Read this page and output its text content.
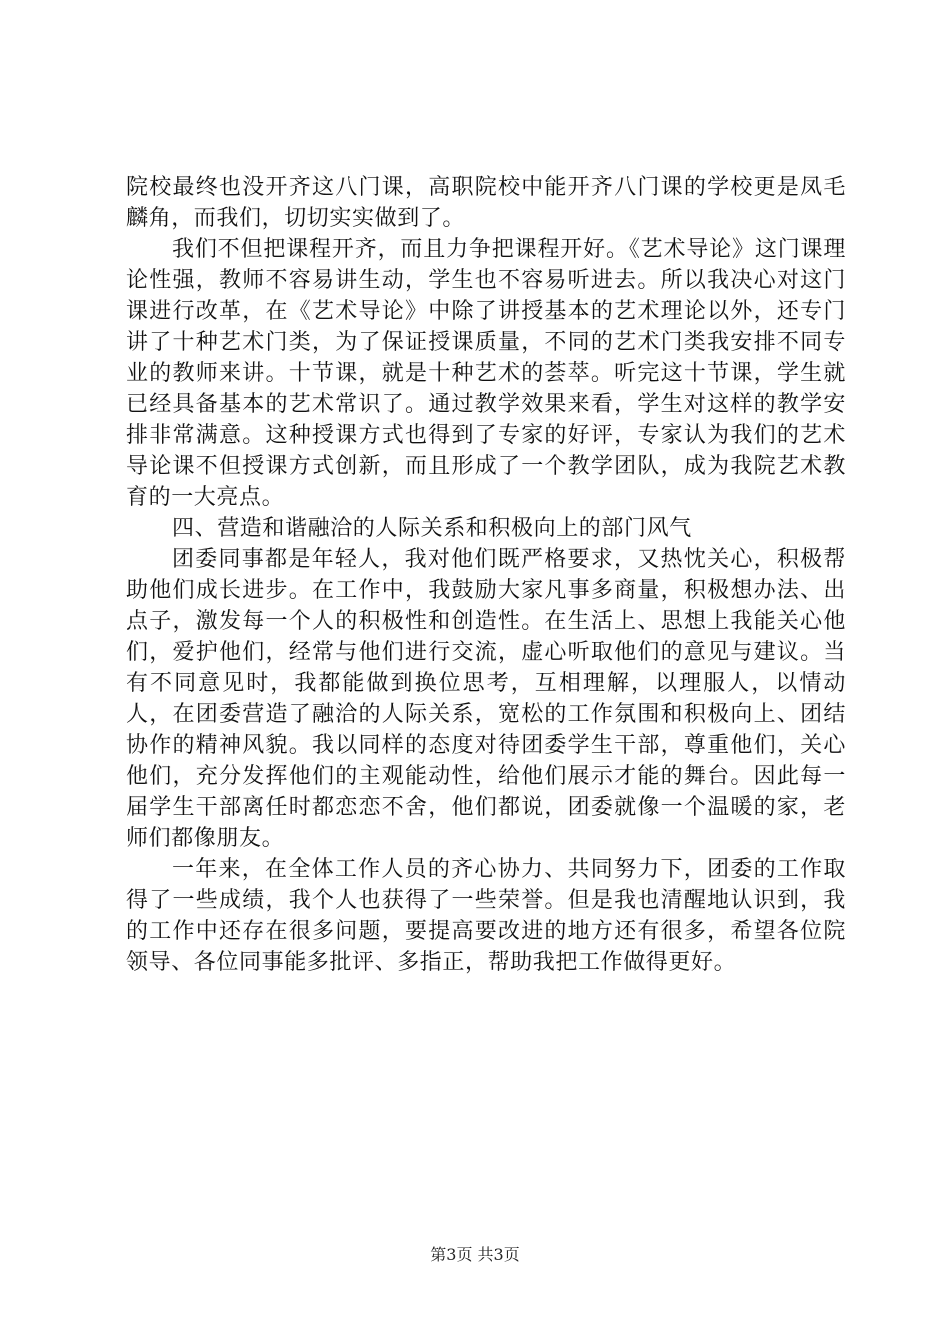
院校最终也没开齐这八门课，高职院校中能开齐八门课的学校更是凤毛麟角，而我们，切切实实做到了。

我们不但把课程开齐，而且力争把课程开好。《艺术导论》这门课理论性强，教师不容易讲生动，学生也不容易听进去。所以我决心对这门课进行改革，在《艺术导论》中除了讲授基本的艺术理论以外，还专门讲了十种艺术门类，为了保证授课质量，不同的艺术门类我安排不同专业的教师来讲。十节课，就是十种艺术的荟萃。听完这十节课，学生就已经具备基本的艺术常识了。通过教学效果来看，学生对这样的教学安排非常满意。这种授课方式也得到了专家的好评，专家认为我们的艺术导论课不但授课方式创新，而且形成了一个教学团队，成为我院艺术教育的一大亮点。

四、营造和谐融洽的人际关系和积极向上的部门风气

团委同事都是年轻人，我对他们既严格要求，又热忱关心，积极帮助他们成长进步。在工作中，我鼓励大家凡事多商量，积极想办法、出点子，激发每一个人的积极性和创造性。在生活上、思想上我能关心他们，爱护他们，经常与他们进行交流，虚心听取他们的意见与建议。当有不同意见时，我都能做到换位思考，互相理解，以理服人，以情动人，在团委营造了融洽的人际关系，宽松的工作氛围和积极向上、团结协作的精神风貌。我以同样的态度对待团委学生干部，尊重他们，关心他们，充分发挥他们的主观能动性，给他们展示才能的舞台。因此每一届学生干部离任时都恋恋不舍，他们都说，团委就像一个温暖的家，老师们都像朋友。

一年来，在全体工作人员的齐心协力、共同努力下，团委的工作取得了一些成绩，我个人也获得了一些荣誉。但是我也清醒地认识到，我的工作中还存在很多问题，要提高要改进的地方还有很多，希望各位院领导、各位同事能多批评、多指正，帮助我把工作做得更好。

第3页 共3页
